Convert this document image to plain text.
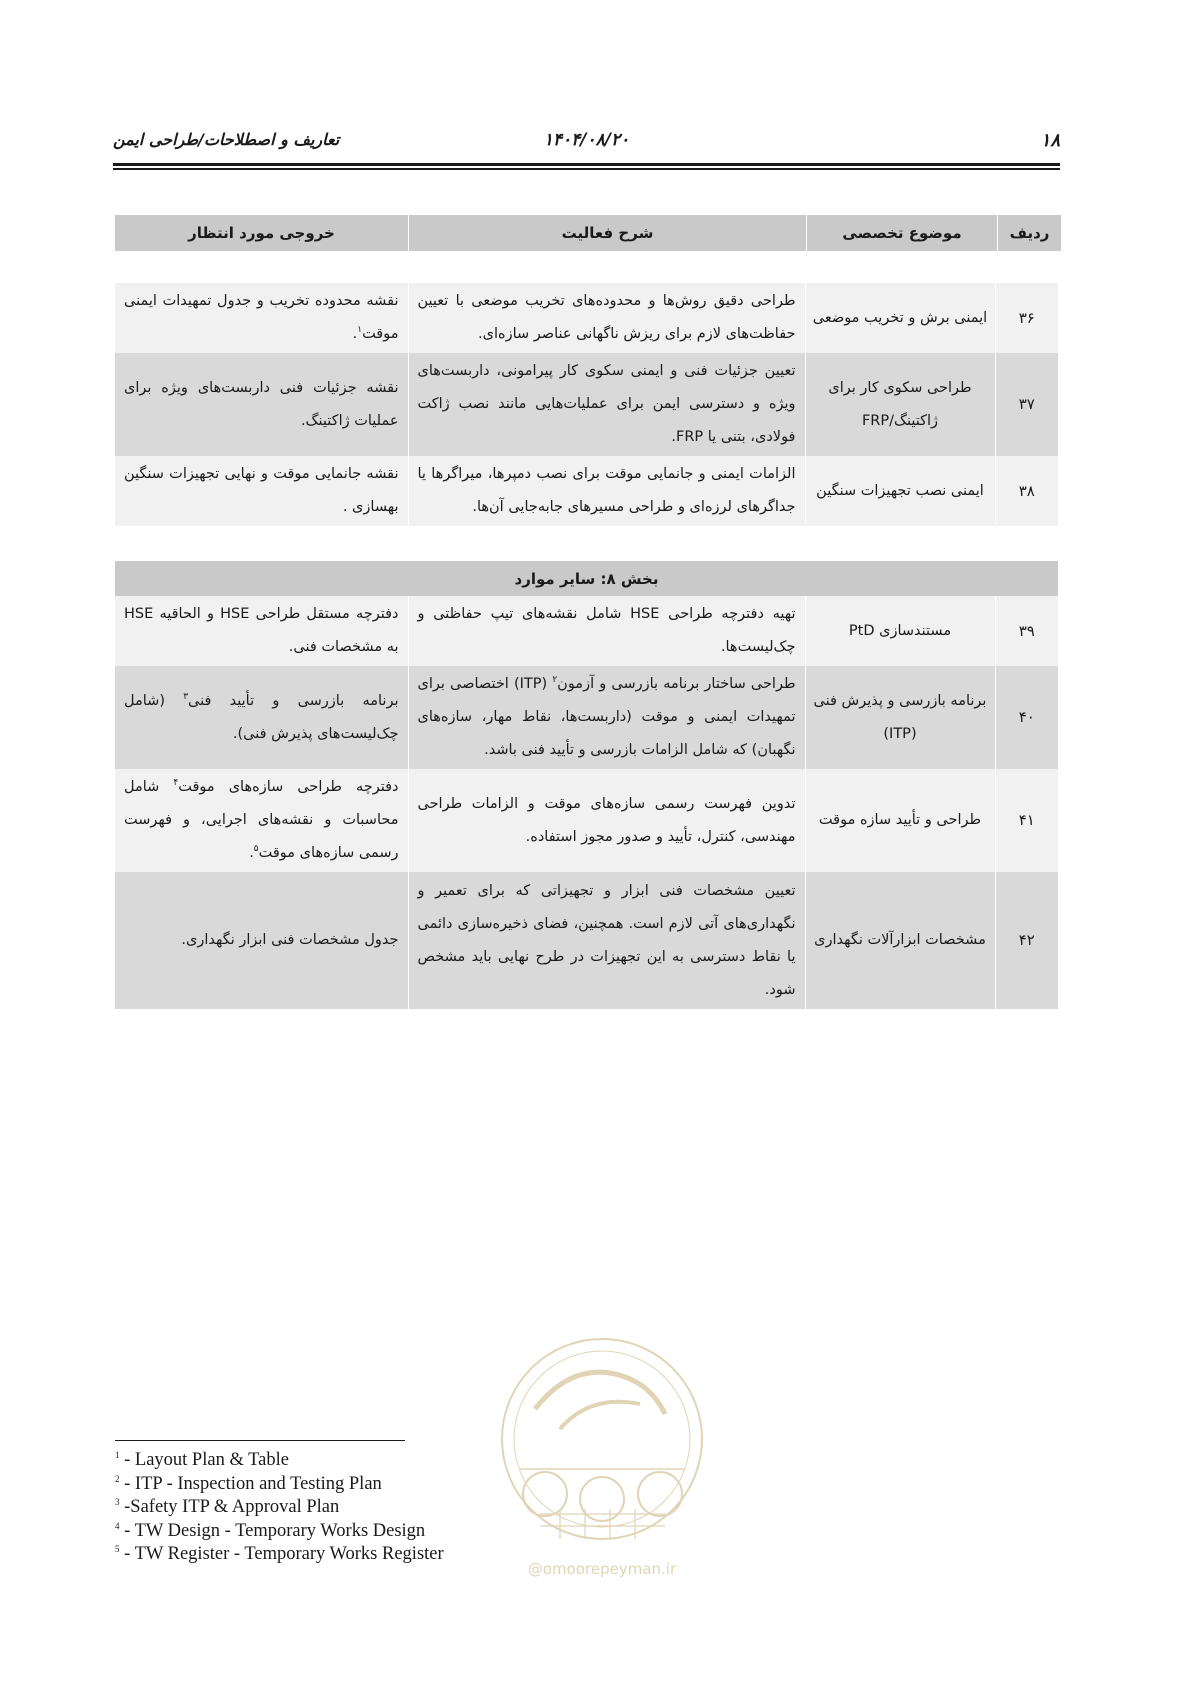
۱۸
۱۴۰۴/۰۸/۲۰
تعاریف و اصطلاحات/طراحی ایمن
ردیف	موضوع تخصصی	شرح فعالیت	خروجی مورد انتظار
۳۶	ایمنی برش و تخریب موضعی	طراحی دقیق روش‌ها و محدوده‌های تخریب موضعی با تعیین حفاظت‌های لازم برای ریزش ناگهانی عناصر سازه‌ای.	نقشه محدوده تخریب و جدول تمهیدات ایمنی موقت$^۱$.
۳۷	طراحی سکوی کار برای ژاکتینگ/FRP	تعیین جزئیات فنی و ایمنی سکوی کار پیرامونی، داربست‌های ویژه و دسترسی ایمن برای عملیات‌هایی مانند نصب ژاکت فولادی، بتنی یا FRP.	نقشه جزئیات فنی داربست‌های ویژه برای عملیات ژاکتینگ.
۳۸	ایمنی نصب تجهیزات سنگین	الزامات ایمنی و جانمایی موقت برای نصب دمپرها، میراگرها یا جداگرهای لرزه‌ای و طراحی مسیرهای جابه‌جایی آن‌ها.	نقشه جانمایی موقت و نهایی تجهیزات سنگین بهسازی .
بخش ۸: سایر موارد			
۳۹	مستندسازی PtD	تهیه دفترچه طراحی HSE شامل نقشه‌های تیپ حفاظتی و چک‌لیست‌ها.	دفترچه مستقل طراحی HSE و الحاقیه HSE به مشخصات فنی.
۴۰	برنامه بازرسی و پذیرش فنی (ITP)	طراحی ساختار برنامه بازرسی و آزمون$^۲$ (ITP) اختصاصی برای تمهیدات ایمنی و موقت (داربست‌ها، نقاط مهار، سازه‌های نگهبان) که شامل الزامات بازرسی و تأیید فنی باشد.	برنامه بازرسی و تأیید فنی$^۳$ (شامل چک‌لیست‌های پذیرش فنی).
۴۱	طراحی و تأیید سازه موقت	تدوین فهرست رسمی سازه‌های موقت و الزامات طراحی مهندسی، کنترل، تأیید و صدور مجوز استفاده.	دفترچه طراحی سازه‌های موقت$^۴$ شامل محاسبات و نقشه‌های اجرایی، و فهرست رسمی سازه‌های موقت$^۵$.
۴۲	مشخصات ابزارآلات نگهداری	تعیین مشخصات فنی ابزار و تجهیزاتی که برای تعمیر و نگهداری‌های آتی لازم است. همچنین، فضای ذخیره‌سازی دائمی یا نقاط دسترسی به این تجهیزات در طرح نهایی باید مشخص شود.	جدول مشخصات فنی ابزار نگهداری.
@omoorepeyman.ir
$^1$ - Layout Plan & Table
$^2$ - ITP - Inspection and Testing Plan
$^3$ -Safety ITP & Approval Plan
$^4$ - TW Design - Temporary Works Design
$^5$ - TW Register - Temporary Works Register
